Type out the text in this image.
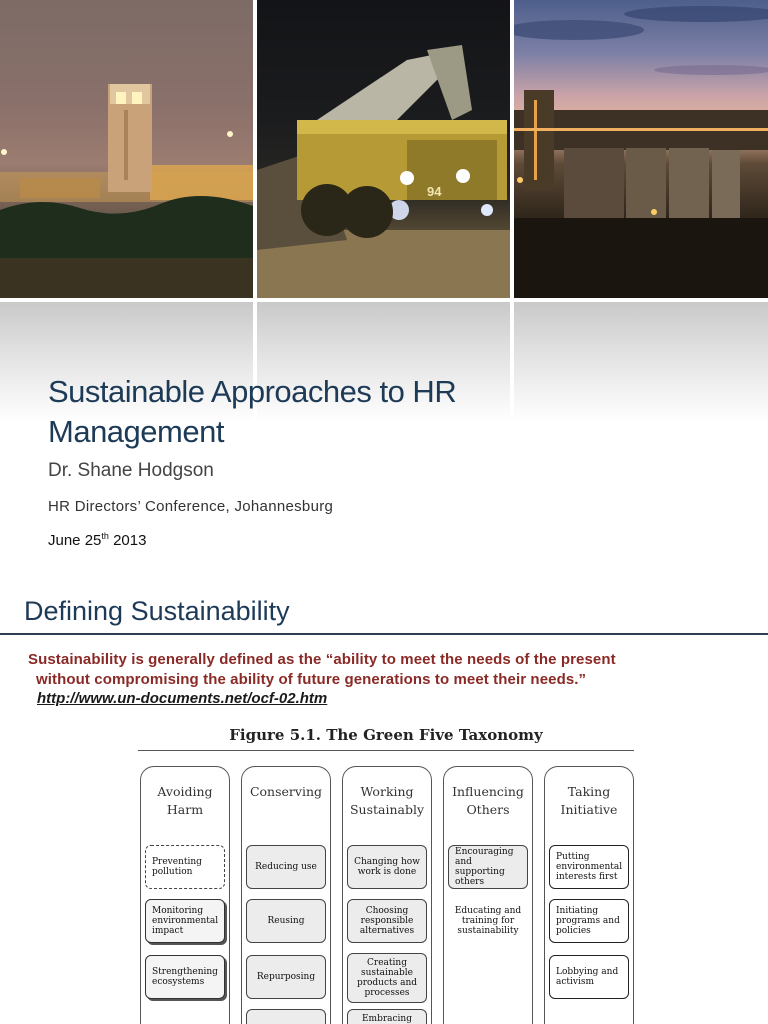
94
Sustainable Approaches to HR
Management
Dr. Shane Hodgson
HR Directors’ Conference, Johannesburg
June 25th 2013
Defining Sustainability
Sustainability is generally defined as the “ability to meet the needs of the present
without compromising the ability of future generations to meet their needs.”
http://www.un-documents.net/ocf-02.htm
Figure 5.1. The Green Five Taxonomy
Avoiding
Harm
Preventing pollution
Monitoring environmental impact
Strengthening ecosystems
Conserving
Reducing use
Reusing
Repurposing
Working
Sustainably
Changing how work is done
Choosing responsible alternatives
Creating sustainable products and processes
Embracing
Influencing
Others
Encouraging and supporting others
Educating and training for sustainability
Taking
Initiative
Putting environmental interests first
Initiating programs and policies
Lobbying and activism
